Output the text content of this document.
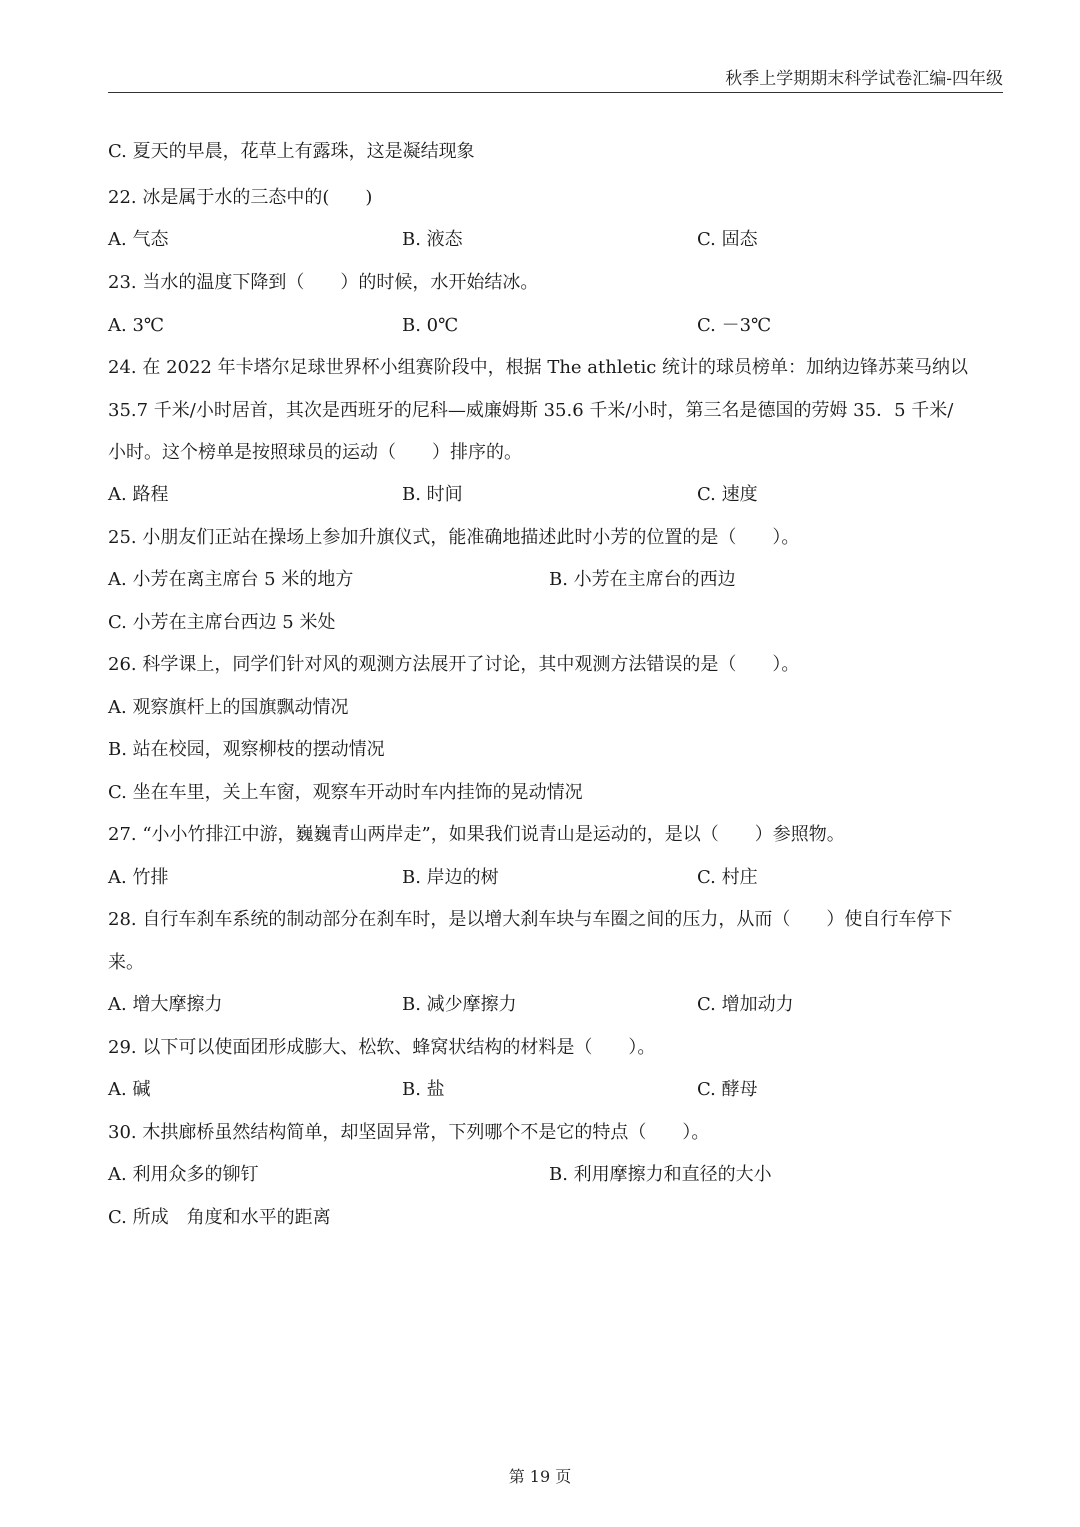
秋季上学期期末科学试卷汇编-四年级
C. 夏天的早晨，花草上有露珠，这是凝结现象
22. 冰是属于水的三态中的(　　)
A. 气态	B. 液态	C. 固态
23. 当水的温度下降到（　　）的时候，水开始结冰。
A. 3℃	B. 0℃	C. －3℃
24. 在 2022 年卡塔尔足球世界杯小组赛阶段中，根据 The athletic 统计的球员榜单：加纳边锋苏莱马纳以
35.7 千米/小时居首，其次是西班牙的尼科—威廉姆斯 35.6 千米/小时，第三名是德国的劳姆 35．5 千米/
小时。这个榜单是按照球员的运动（　　）排序的。
A. 路程	B. 时间	C. 速度
25. 小朋友们正站在操场上参加升旗仪式，能准确地描述此时小芳的位置的是（　　）。
A. 小芳在离主席台 5 米的地方	B. 小芳在主席台的西边
C. 小芳在主席台西边 5 米处
26. 科学课上，同学们针对风的观测方法展开了讨论，其中观测方法错误的是（　　）。
A. 观察旗杆上的国旗飘动情况
B. 站在校园，观察柳枝的摆动情况
C. 坐在车里，关上车窗，观察车开动时车内挂饰的晃动情况
27. “小小竹排江中游，巍巍青山两岸走”，如果我们说青山是运动的，是以（　　）参照物。
A. 竹排	B. 岸边的树	C. 村庄
28. 自行车刹车系统的制动部分在刹车时，是以增大刹车块与车圈之间的压力，从而（　　）使自行车停下
来。
A. 增大摩擦力	B. 减少摩擦力	C. 增加动力
29. 以下可以使面团形成膨大、松软、蜂窝状结构的材料是（　　）。
A. 碱	B. 盐	C. 酵母
30. 木拱廊桥虽然结构简单，却坚固异常，下列哪个不是它的特点（　　）。
A. 利用众多的铆钉	B. 利用摩擦力和直径的大小
C. 所成　角度和水平的距离
第 19 页
